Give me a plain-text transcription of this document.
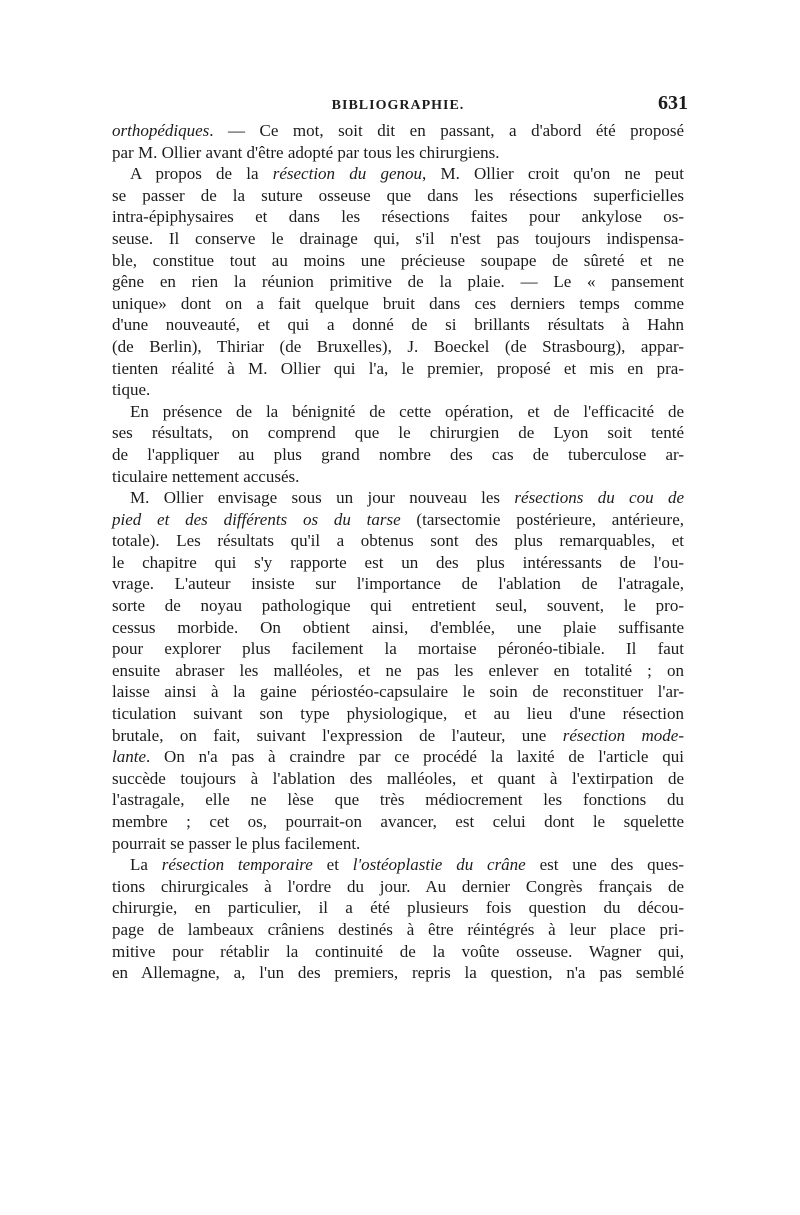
BIBLIOGRAPHIE.	631
orthopédiques. — Ce mot, soit dit en passant, a d'abord été proposé
par M. Ollier avant d'être adopté par tous les chirurgiens.
A propos de la résection du genou, M. Ollier croit qu'on ne peut
se passer de la suture osseuse que dans les résections superficielles
intra-épiphysaires et dans les résections faites pour ankylose os-
seuse. Il conserve le drainage qui, s'il n'est pas toujours indispensa-
ble, constitue tout au moins une précieuse soupape de sûreté et ne
gêne en rien la réunion primitive de la plaie. — Le « pansement
unique» dont on a fait quelque bruit dans ces derniers temps comme
d'une nouveauté, et qui a donné de si brillants résultats à Hahn
(de Berlin), Thiriar (de Bruxelles), J. Boeckel (de Strasbourg), appar-
tienten réalité à M. Ollier qui l'a, le premier, proposé et mis en pra-
tique.
En présence de la bénignité de cette opération, et de l'efficacité de
ses résultats, on comprend que le chirurgien de Lyon soit tenté
de l'appliquer au plus grand nombre des cas de tuberculose ar-
ticulaire nettement accusés.
M. Ollier envisage sous un jour nouveau les résections du cou de
pied et des différents os du tarse (tarsectomie postérieure, antérieure,
totale). Les résultats qu'il a obtenus sont des plus remarquables, et
le chapitre qui s'y rapporte est un des plus intéressants de l'ou-
vrage. L'auteur insiste sur l'importance de l'ablation de l'atragale,
sorte de noyau pathologique qui entretient seul, souvent, le pro-
cessus morbide. On obtient ainsi, d'emblée, une plaie suffisante
pour explorer plus facilement la mortaise péronéo-tibiale. Il faut
ensuite abraser les malléoles, et ne pas les enlever en totalité ; on
laisse ainsi à la gaine périostéo-capsulaire le soin de reconstituer l'ar-
ticulation suivant son type physiologique, et au lieu d'une résection
brutale, on fait, suivant l'expression de l'auteur, une résection mode-
lante. On n'a pas à craindre par ce procédé la laxité de l'article qui
succède toujours à l'ablation des malléoles, et quant à l'extirpation de
l'astragale, elle ne lèse que très médiocrement les fonctions du
membre ; cet os, pourrait-on avancer, est celui dont le squelette
pourrait se passer le plus facilement.
La résection temporaire et l'ostéoplastie du crâne est une des ques-
tions chirurgicales à l'ordre du jour. Au dernier Congrès français de
chirurgie, en particulier, il a été plusieurs fois question du décou-
page de lambeaux crâniens destinés à être réintégrés à leur place pri-
mitive pour rétablir la continuité de la voûte osseuse. Wagner qui,
en Allemagne, a, l'un des premiers, repris la question, n'a pas semblé
